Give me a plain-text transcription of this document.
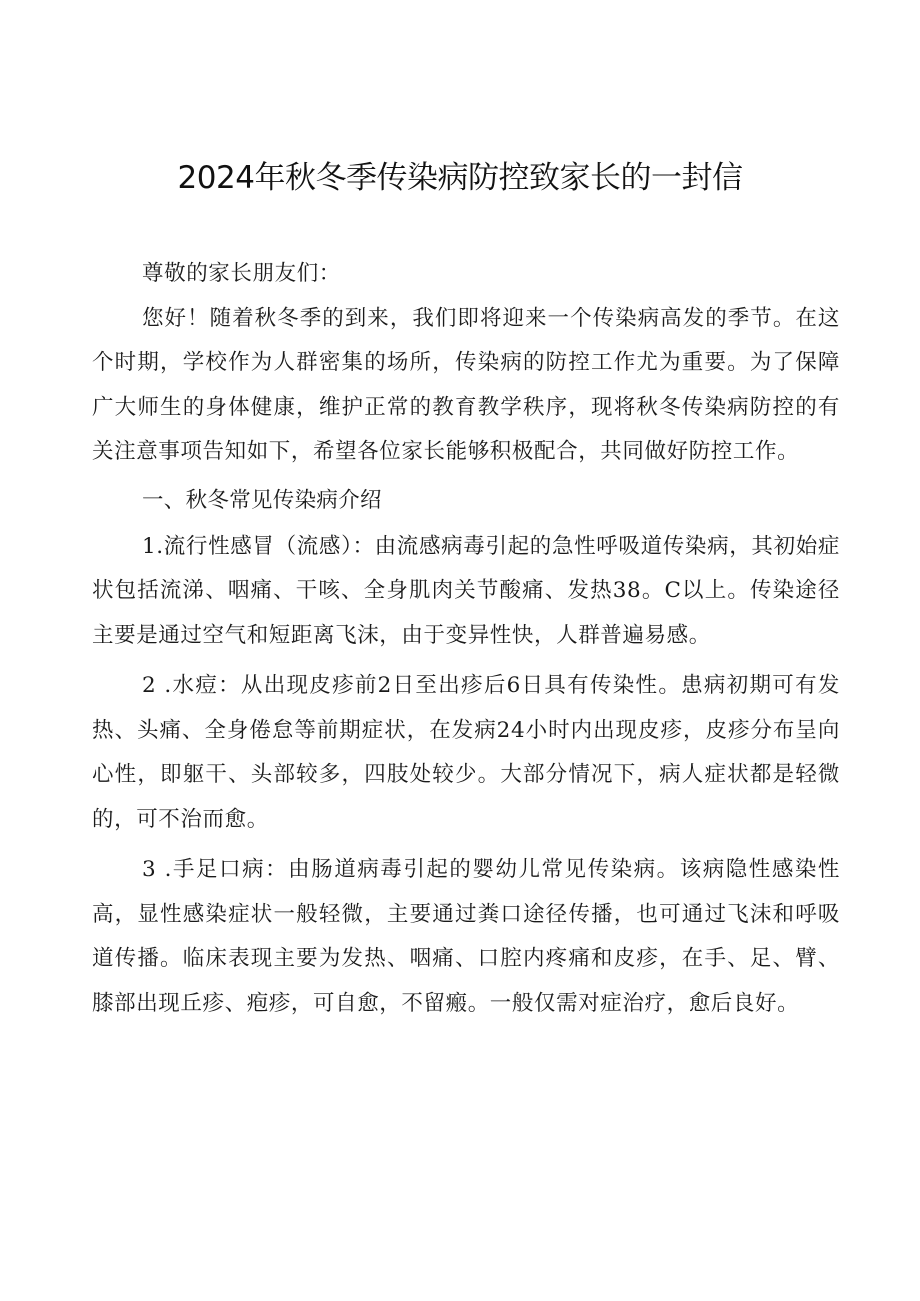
2024年秋冬季传染病防控致家长的一封信

尊敬的家长朋友们：

您好！随着秋冬季的到来，我们即将迎来一个传染病高发的季节。在这个时期，学校作为人群密集的场所，传染病的防控工作尤为重要。为了保障广大师生的身体健康，维护正常的教育教学秩序，现将秋冬传染病防控的有关注意事项告知如下，希望各位家长能够积极配合，共同做好防控工作。

一、秋冬常见传染病介绍

1.流行性感冒（流感）：由流感病毒引起的急性呼吸道传染病，其初始症状包括流涕、咽痛、干咳、全身肌肉关节酸痛、发热38。C以上。传染途径主要是通过空气和短距离飞沫，由于变异性快，人群普遍易感。

2 .水痘：从出现皮疹前2日至出疹后6日具有传染性。患病初期可有发热、头痛、全身倦怠等前期症状，在发病24小时内出现皮疹，皮疹分布呈向心性，即躯干、头部较多，四肢处较少。大部分情况下，病人症状都是轻微的，可不治而愈。

3 .手足口病：由肠道病毒引起的婴幼儿常见传染病。该病隐性感染性高，显性感染症状一般轻微，主要通过粪口途径传播，也可通过飞沫和呼吸道传播。临床表现主要为发热、咽痛、口腔内疼痛和皮疹，在手、足、臂、膝部出现丘疹、疱疹，可自愈，不留瘢。一般仅需对症治疗，愈后良好。
